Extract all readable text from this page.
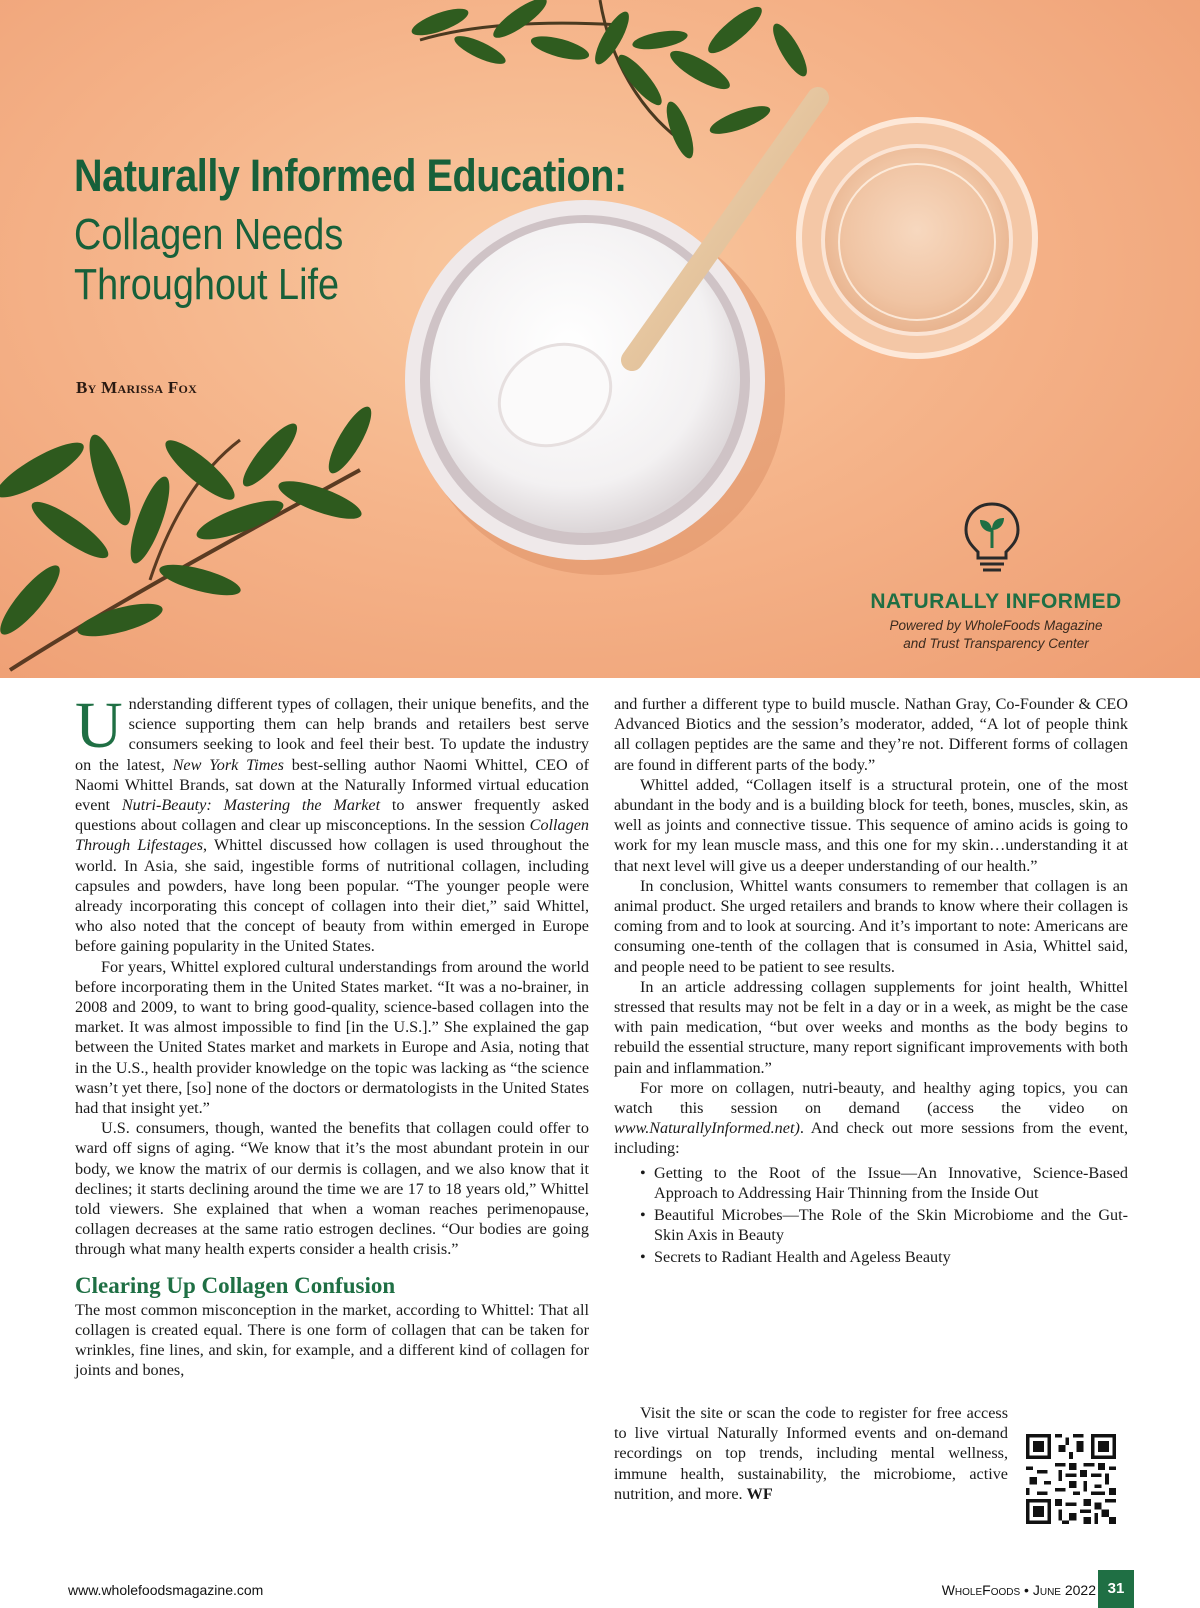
Naturally Informed Education:
Collagen Needs
Throughout Life
By Marissa Fox
NATURALLY INFORMED
Powered by WholeFoods Magazine
and Trust Transparency Center

Understanding different types of collagen, their unique benefits, and the science supporting them can help brands and retailers best serve consumers seeking to look and feel their best. To update the industry on the latest, New York Times best-selling author Naomi Whittel, CEO of Naomi Whittel Brands, sat down at the Naturally Informed virtual education event Nutri-Beauty: Mastering the Market to answer frequently asked questions about collagen and clear up misconceptions. In the session Collagen Through Lifestages, Whittel discussed how collagen is used throughout the world. In Asia, she said, ingestible forms of nutritional collagen, including capsules and powders, have long been popular. “The younger people were already incorporating this concept of collagen into their diet,” said Whittel, who also noted that the concept of beauty from within emerged in Europe before gaining popularity in the United States.

For years, Whittel explored cultural understandings from around the world before incorporating them in the United States market. “It was a no-brainer, in 2008 and 2009, to want to bring good-quality, science-based collagen into the market. It was almost impossible to find [in the U.S.].” She explained the gap between the United States market and markets in Europe and Asia, noting that in the U.S., health provider knowledge on the topic was lacking as “the science wasn’t yet there, [so] none of the doctors or dermatologists in the United States had that insight yet.”

U.S. consumers, though, wanted the benefits that collagen could offer to ward off signs of aging. “We know that it’s the most abundant protein in our body, we know the matrix of our dermis is collagen, and we also know that it declines; it starts declining around the time we are 17 to 18 years old,” Whittel told viewers. She explained that when a woman reaches perimenopause, collagen decreases at the same ratio estrogen declines. “Our bodies are going through what many health experts consider a health crisis.”

Clearing Up Collagen Confusion

The most common misconception in the market, according to Whittel: That all collagen is created equal. There is one form of collagen that can be taken for wrinkles, fine lines, and skin, for example, and a different kind of collagen for joints and bones,

and further a different type to build muscle. Nathan Gray, Co-Founder & CEO Advanced Biotics and the session’s moderator, added, “A lot of people think all collagen peptides are the same and they’re not. Different forms of collagen are found in different parts of the body.”

Whittel added, “Collagen itself is a structural protein, one of the most abundant in the body and is a building block for teeth, bones, muscles, skin, as well as joints and connective tissue. This sequence of amino acids is going to work for my lean muscle mass, and this one for my skin…understanding it at that next level will give us a deeper understanding of our health.”

In conclusion, Whittel wants consumers to remember that collagen is an animal product. She urged retailers and brands to know where their collagen is coming from and to look at sourcing. And it’s important to note: Americans are consuming one-tenth of the collagen that is consumed in Asia, Whittel said, and people need to be patient to see results.

In an article addressing collagen supplements for joint health, Whittel stressed that results may not be felt in a day or in a week, as might be the case with pain medication, “but over weeks and months as the body begins to rebuild the essential structure, many report significant improvements with both pain and inflammation.”

For more on collagen, nutri-beauty, and healthy aging topics, you can watch this session on demand (access the video on www.NaturallyInformed.net). And check out more sessions from the event, including:

• Getting to the Root of the Issue—An Innovative, Science-Based Approach to Addressing Hair Thinning from the Inside Out
• Beautiful Microbes—The Role of the Skin Microbiome and the Gut-Skin Axis in Beauty
• Secrets to Radiant Health and Ageless Beauty

Visit the site or scan the code to register for free access to live virtual Naturally Informed events and on-demand recordings on top trends, including mental wellness, immune health, sustainability, the microbiome, active nutrition, and more. WF

www.wholefoodsmagazine.com	WholeFoods • June 2022 31
